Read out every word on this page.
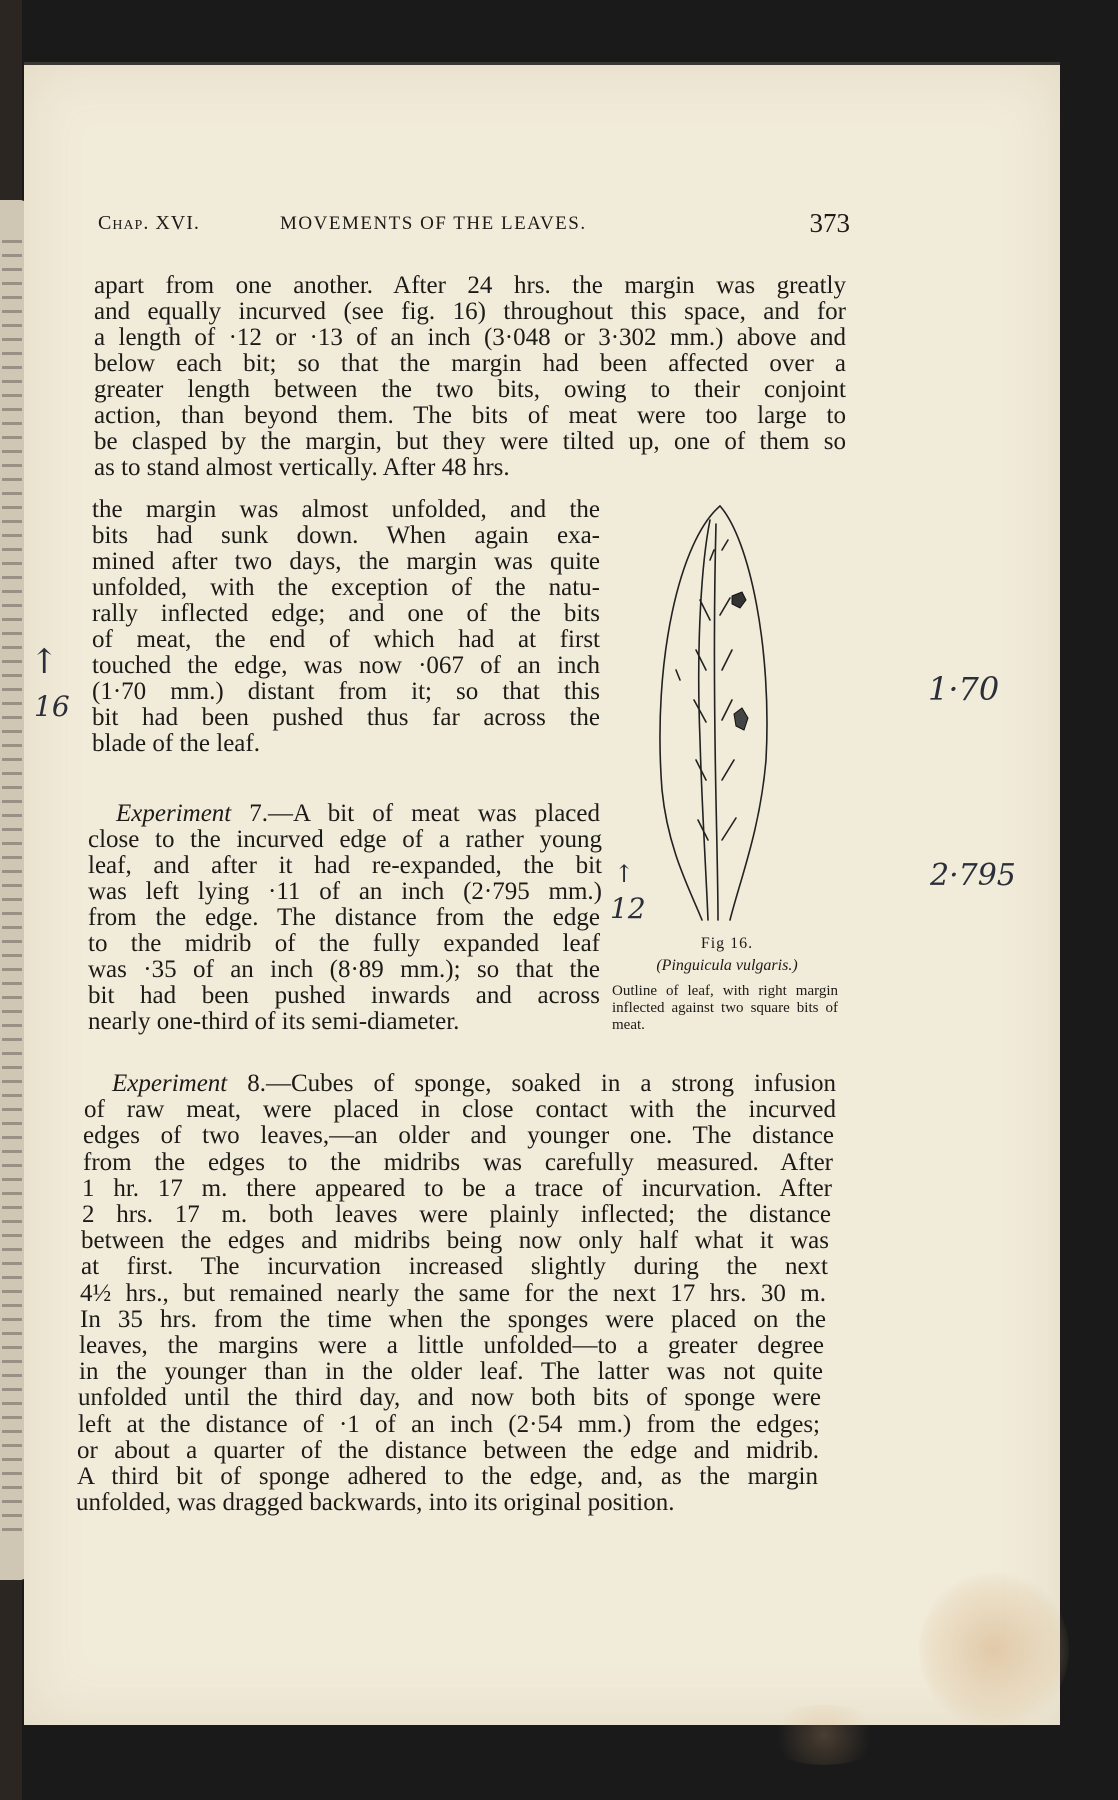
Chap. XVI.	MOVEMENTS OF THE LEAVES.	373
apart from one another. After 24 hrs. the margin was greatly
and equally incurved (see fig. 16) throughout this space, and for
a length of ·12 or ·13 of an inch (3·048 or 3·302 mm.) above and
below each bit; so that the margin had been affected over a
greater length between the two bits, owing to their conjoint
action, than beyond them. The bits of meat were too large to
be clasped by the margin, but they were tilted up, one of them so
as to stand almost vertically. After 48 hrs.
the margin was almost unfolded, and the
bits had sunk down. When again exa-
mined after two days, the margin was quite
unfolded, with the exception of the natu-
rally inflected edge; and one of the bits
of meat, the end of which had at first
touched the edge, was now ·067 of an inch
(1·70 mm.) distant from it; so that this
bit had been pushed thus far across the
blade of the leaf.
Experiment 7.—A bit of meat was placed
close to the incurved edge of a rather young
leaf, and after it had re-expanded, the bit
was left lying ·11 of an inch (2·795 mm.)
from the edge. The distance from the edge
to the midrib of the fully expanded leaf
was ·35 of an inch (8·89 mm.); so that the
bit had been pushed inwards and across
nearly one-third of its semi-diameter.
Experiment 8.—Cubes of sponge, soaked in a strong infusion
of raw meat, were placed in close contact with the incurved
edges of two leaves,—an older and younger one. The distance
from the edges to the midribs was carefully measured. After
1 hr. 17 m. there appeared to be a trace of incurvation. After
2 hrs. 17 m. both leaves were plainly inflected; the distance
between the edges and midribs being now only half what it was
at first. The incurvation increased slightly during the next
4½ hrs., but remained nearly the same for the next 17 hrs. 30 m.
In 35 hrs. from the time when the sponges were placed on the
leaves, the margins were a little unfolded—to a greater degree
in the younger than in the older leaf. The latter was not quite
unfolded until the third day, and now both bits of sponge were
left at the distance of ·1 of an inch (2·54 mm.) from the edges;
or about a quarter of the distance between the edge and midrib.
A third bit of sponge adhered to the edge, and, as the margin
unfolded, was dragged backwards, into its original position.
Fig 16.
(Pinguicula vulgaris.)
Outline of leaf, with right margin inflected against two square bits of meat.
1·70
2·795
↑
16
↑
12
